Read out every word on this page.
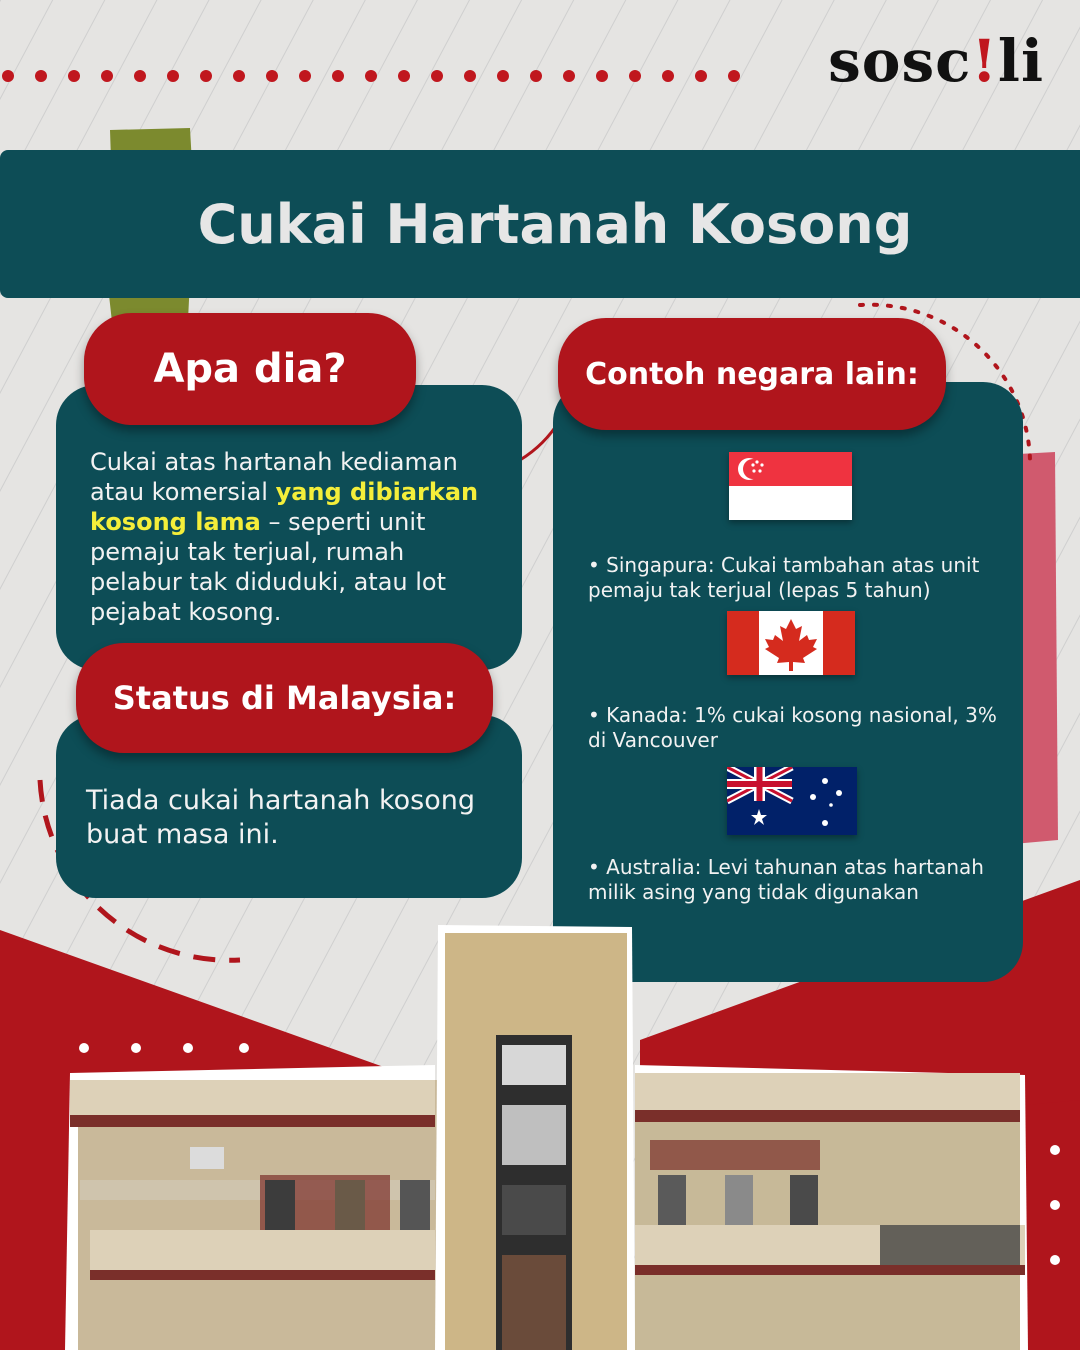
sosc!li
Cukai Hartanah Kosong
Cukai atas hartanah kediaman atau komersial yang dibiarkan kosong lama – seperti unit pemaju tak terjual, rumah pelabur tak diduduki, atau lot pejabat kosong.
Apa dia?
Tiada cukai hartanah kosong buat masa ini.
Status di Malaysia:
Contoh negara lain:
• Singapura: Cukai tambahan atas unit pemaju tak terjual (lepas 5 tahun)
• Kanada: 1% cukai kosong nasional, 3% di Vancouver
• Australia: Levi tahunan atas hartanah milik asing yang tidak digunakan
